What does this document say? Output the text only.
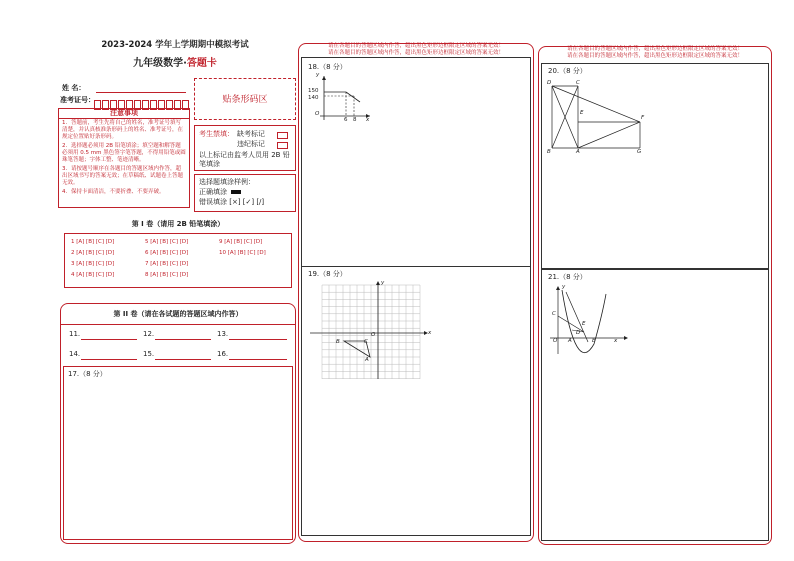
2023-2024 学年上学期期中模拟考试
九年级数学·答题卡
姓 名：
准考证号：
注意事项
1．答题前，考生先将自己的姓名，准考证号填写清楚，并认真核准条形码上的姓名、准考证号，在规定位置贴好条形码。
2．选择题必须用 2B 铅笔填涂；填空题和解答题必须用 0.5 mm 黑色签字笔答题，不得用铅笔或圆珠笔答题；字体工整、笔迹清晰。
3．请按题号顺序在各题目的答题区域内作答，超出区域书写的答案无效；在草稿纸、试题卷上答题无效。
4．保持卡面清洁，不要折叠、不要弄破。
贴条形码区
考生禁填： 缺考标记
违纪标记
以上标记由监考人员用 2B 铅笔填涂
选择题填涂样例：
正确填涂
错误填涂 [×] [✓] [/]
第 I 卷（请用 2B 铅笔填涂）
1 [A] [B] [C] [D]
2 [A] [B] [C] [D]
3 [A] [B] [C] [D]
4 [A] [B] [C] [D]
5 [A] [B] [C] [D]
6 [A] [B] [C] [D]
7 [A] [B] [C] [D]
8 [A] [B] [C] [D]
9 [A] [B] [C] [D]
10 [A] [B] [C] [D]
第 II 卷（请在各试题的答题区域内作答）
11.	12.	13.
14.	15.	16.
17.（8 分）
请在各题目的答题区域内作答，超出黑色矩形边框限定区域的答案无效！
请在各题目的答题区域内作答，超出黑色矩形边框限定区域的答案无效！
18.（8 分）
y
150
140
O
6 8 x
19.（8 分）
y
x
O
B	C
A
请在各题目的答题区域内作答，超出黑色矩形边框限定区域的答案无效！
请在各题目的答题区域内作答，超出黑色矩形边框限定区域的答案无效！
20.（8 分）
D	C
E
F
B	A	G
21.（8 分）
y
C
E
D
O A	B	x
